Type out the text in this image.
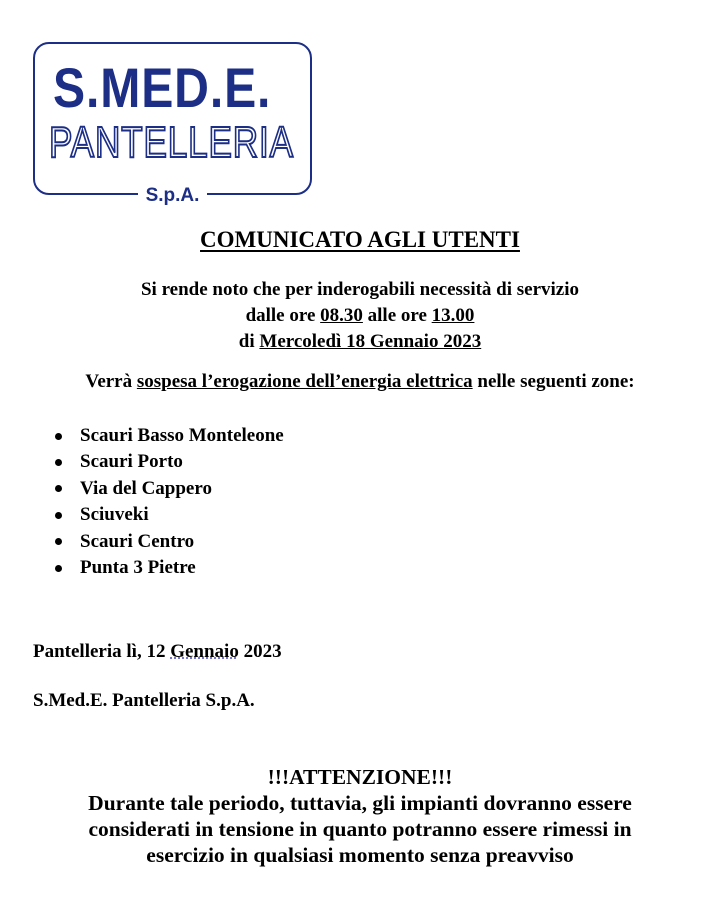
S.MED.E.
PANTELLERIA
S.p.A.
COMUNICATO AGLI UTENTI
Si rende noto che per inderogabili necessità di servizio
dalle ore 08.30 alle ore 13.00
di Mercoledì 18 Gennaio 2023
Verrà sospesa l’erogazione dell’energia elettrica nelle seguenti zone:
Scauri Basso Monteleone
Scauri Porto
Via del Cappero
Sciuveki
Scauri Centro
Punta 3 Pietre
Pantelleria lì, 12 Gennaio 2023
S.Med.E. Pantelleria S.p.A.
!!!ATTENZIONE!!!
Durante tale periodo, tuttavia, gli impianti dovranno essere
considerati in tensione in quanto potranno essere rimessi in
esercizio in qualsiasi momento senza preavviso
